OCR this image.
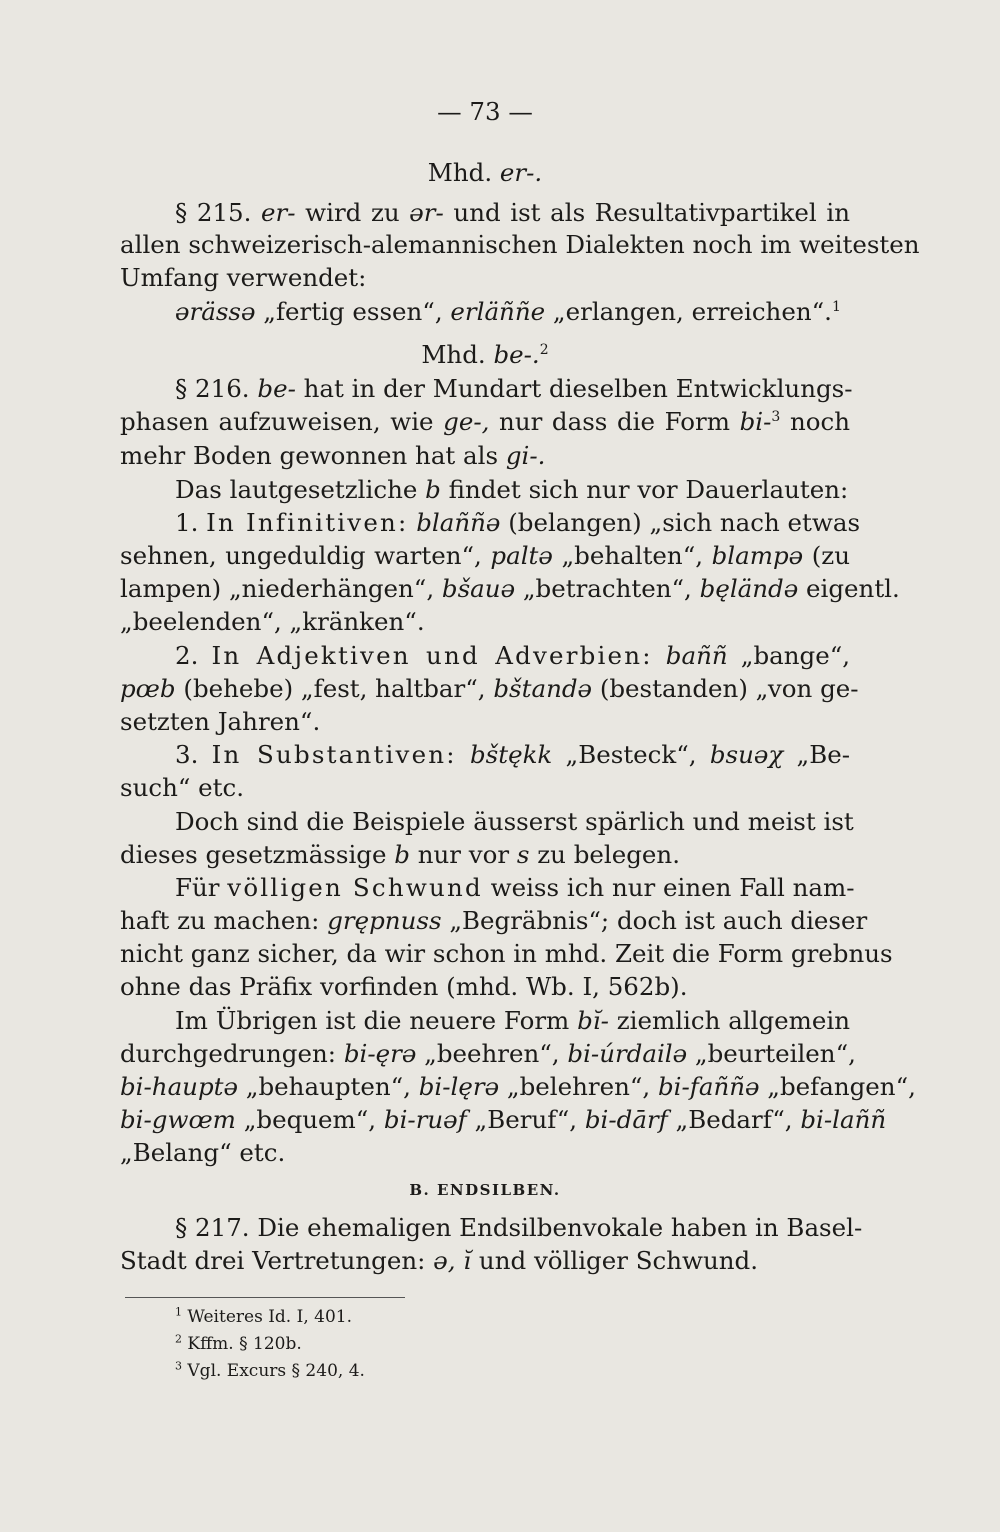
— 73 —
Mhd. er-.
§ 215. er- wird zu ər- und ist als Resultativpartikel in
allen schweizerisch-alemannischen Dialekten noch im weitesten
Umfang verwendet:
ərässə „fertig essen“, erläññe „erlangen, erreichen“.$^1$
Mhd. be-.$^2$
§ 216. be- hat in der Mundart dieselben Entwicklungs-
phasen aufzuweisen, wie ge-, nur dass die Form bi-$^3$ noch
mehr Boden gewonnen hat als gi-.
Das lautgesetzliche b findet sich nur vor Dauerlauten:
1. In Infinitiven: blaññə (belangen) „sich nach etwas
sehnen, ungeduldig warten“, paltə „behalten“, blampə (zu
lampen) „niederhängen“, bšauə „betrachten“, bęländə eigentl.
„beelenden“, „kränken“.
2. In Adjektiven und Adverbien: baññ „bange“,
pœb (behebe) „fest, haltbar“, bštandə (bestanden) „von ge-
setzten Jahren“.
3. In Substantiven: bštękk „Besteck“, bsuəχ „Be-
such“ etc.
Doch sind die Beispiele äusserst spärlich und meist ist
dieses gesetzmässige b nur vor s zu belegen.
Für völligen Schwund weiss ich nur einen Fall nam-
haft zu machen: grępnuss „Begräbnis“; doch ist auch dieser
nicht ganz sicher, da wir schon in mhd. Zeit die Form grebnus
ohne das Präfix vorfinden (mhd. Wb. I, 562b).
Im Übrigen ist die neuere Form bĭ- ziemlich allgemein
durchgedrungen: bi-ęrə „beehren“, bi-úrdailə „beurteilen“,
bi-hauptə „behaupten“, bi-lęrə „belehren“, bi-faññə „befangen“,
bi-gwœm „bequem“, bi-ruəf „Beruf“, bi-dārf „Bedarf“, bi-laññ
„Belang“ etc.
B. ENDSILBEN.
§ 217. Die ehemaligen Endsilbenvokale haben in Basel-
Stadt drei Vertretungen: ə, ĭ und völliger Schwund.
$^1$ Weiteres Id. I, 401.
$^2$ Kffm. § 120b.
$^3$ Vgl. Excurs § 240, 4.
